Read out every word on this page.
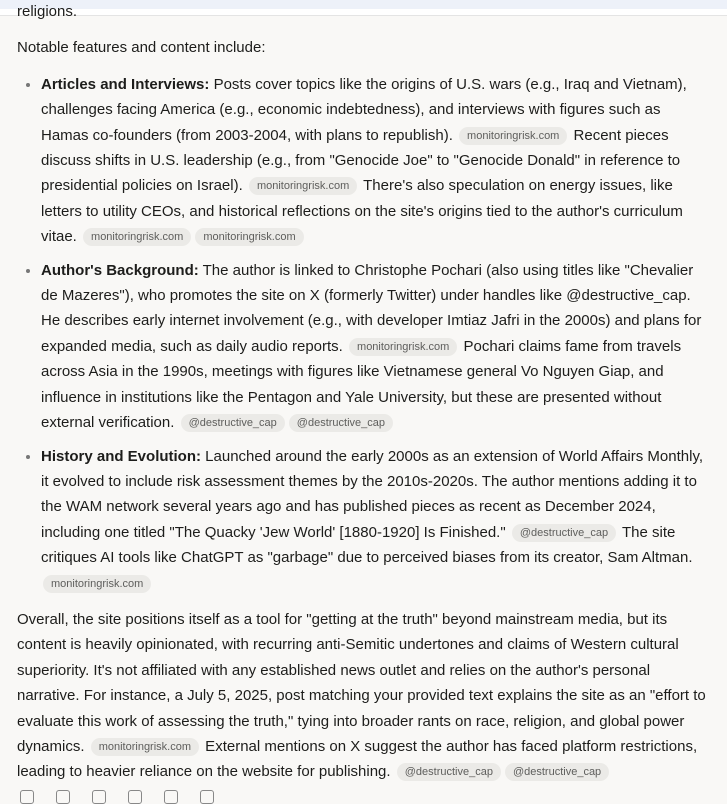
religions.

Notable features and content include:

• Articles and Interviews: Posts cover topics like the origins of U.S. wars (e.g., Iraq and Vietnam), challenges facing America (e.g., economic indebtedness), and interviews with figures such as Hamas co-founders (from 2003-2004, with plans to republish). monitoringrisk.com Recent pieces discuss shifts in U.S. leadership (e.g., from "Genocide Joe" to "Genocide Donald" in reference to presidential policies on Israel). monitoringrisk.com There's also speculation on energy issues, like letters to utility CEOs, and historical reflections on the site's origins tied to the author's curriculum vitae. monitoringrisk.com monitoringrisk.com
• Author's Background: The author is linked to Christophe Pochari (also using titles like "Chevalier de Mazeres"), who promotes the site on X (formerly Twitter) under handles like @destructive_cap. He describes early internet involvement (e.g., with developer Imtiaz Jafri in the 2000s) and plans for expanded media, such as daily audio reports. monitoringrisk.com Pochari claims fame from travels across Asia in the 1990s, meetings with figures like Vietnamese general Vo Nguyen Giap, and influence in institutions like the Pentagon and Yale University, but these are presented without external verification. @destructive_cap @destructive_cap
• History and Evolution: Launched around the early 2000s as an extension of World Affairs Monthly, it evolved to include risk assessment themes by the 2010s-2020s. The author mentions adding it to the WAM network several years ago and has published pieces as recent as December 2024, including one titled "The Quacky 'Jew World' [1880-1920] Is Finished." @destructive_cap The site critiques AI tools like ChatGPT as "garbage" due to perceived biases from its creator, Sam Altman. monitoringrisk.com

Overall, the site positions itself as a tool for "getting at the truth" beyond mainstream media, but its content is heavily opinionated, with recurring anti-Semitic undertones and claims of Western cultural superiority. It's not affiliated with any established news outlet and relies on the author's personal narrative. For instance, a July 5, 2025, post matching your provided text explains the site as an "effort to evaluate this work of assessing the truth," tying into broader rants on race, religion, and global power dynamics. monitoringrisk.com External mentions on X suggest the author has faced platform restrictions, leading to heavier reliance on the website for publishing. @destructive_cap @destructive_cap
